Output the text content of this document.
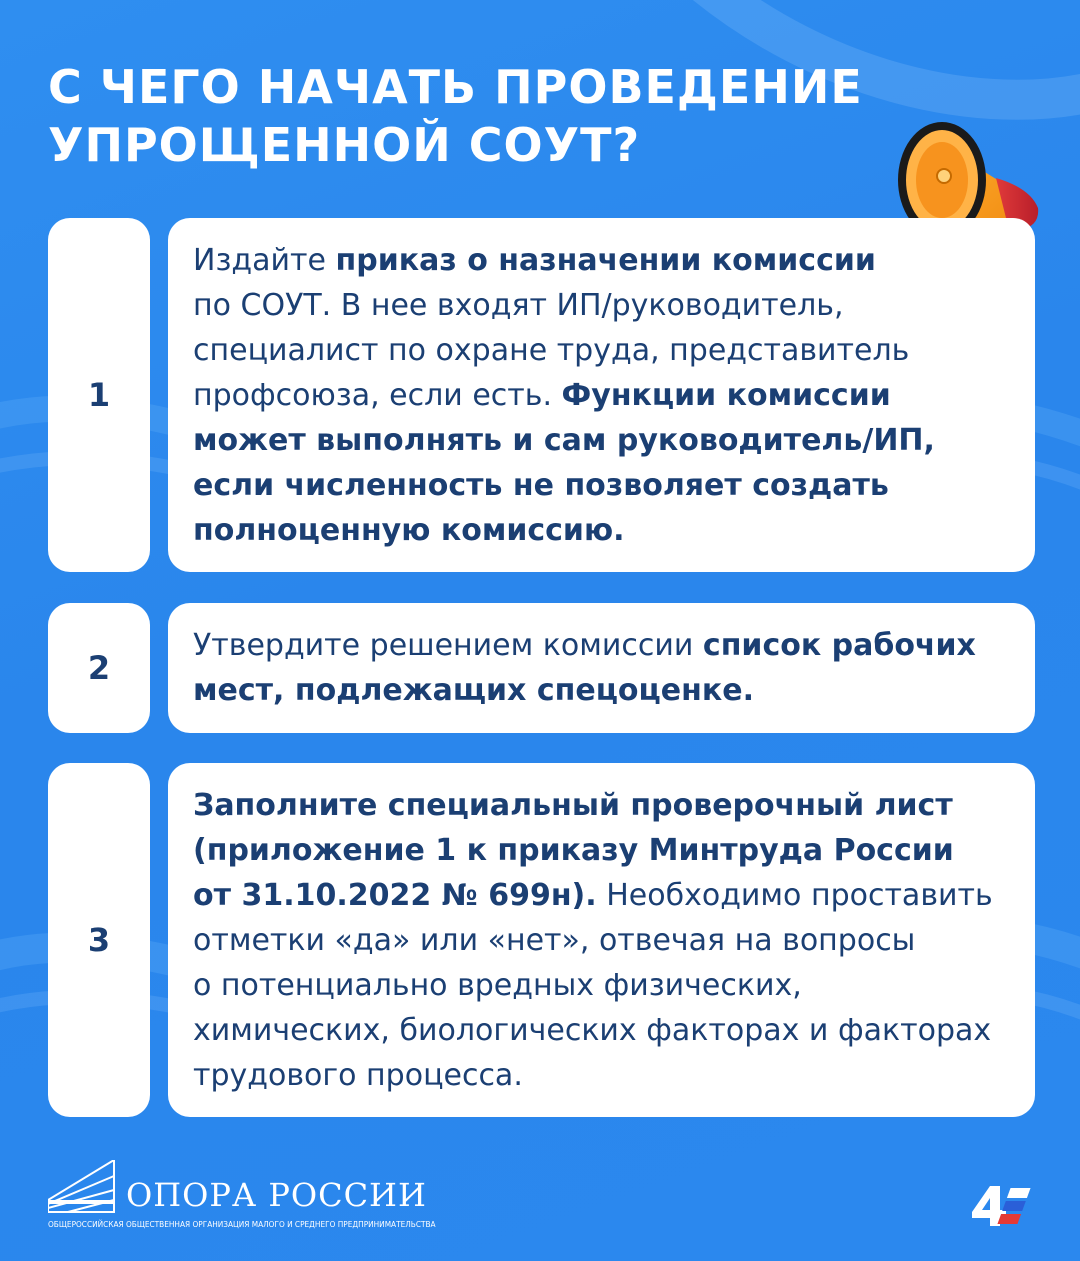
С ЧЕГО НАЧАТЬ ПРОВЕДЕНИЕ
УПРОЩЕННОЙ СОУТ?
1

Издайте приказ о назначении комиссии
по СОУТ. В нее входят ИП/руководитель,
специалист по охране труда, представитель
профсоюза, если есть. Функции комиссии
может выполнять и сам руководитель/ИП,
если численность не позволяет создать
полноценную комиссию.

2

Утвердите решением комиссии список рабочих
мест, подлежащих спецоценке.

3

Заполните специальный проверочный лист
(приложение 1 к приказу Минтруда России
от 31.10.2022 № 699н). Необходимо проставить
отметки «да» или «нет», отвечая на вопросы
о потенциально вредных физических,
химических, биологических факторах и факторах
трудового процесса.

ОПОРА РОССИИ
ОБЩЕРОССИЙСКАЯ ОБЩЕСТВЕННАЯ ОРГАНИЗАЦИЯ МАЛОГО И СРЕДНЕГО ПРЕДПРИНИМАТЕЛЬСТВА
